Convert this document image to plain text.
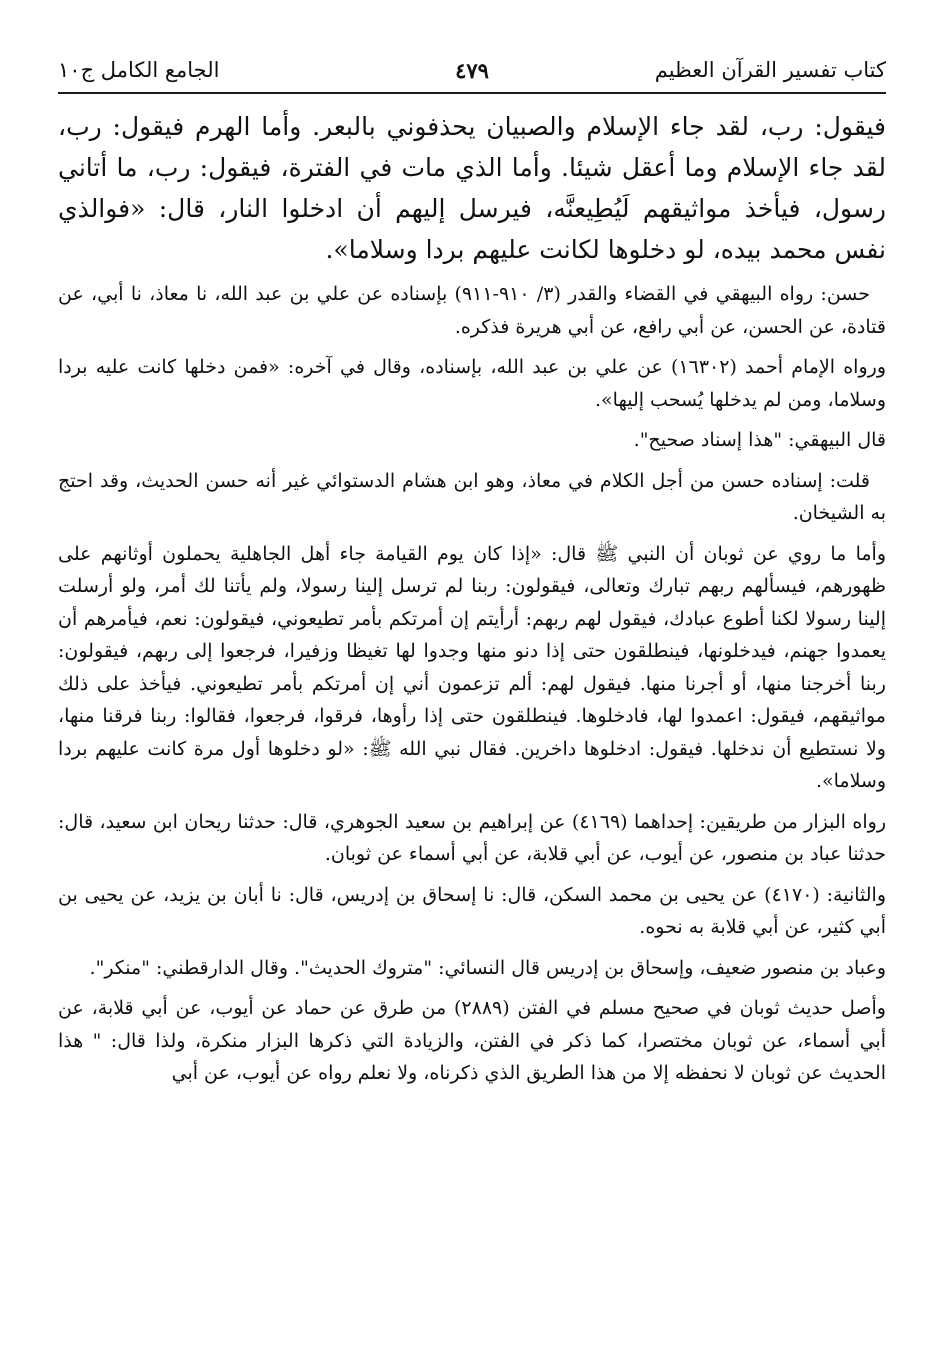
كتاب تفسير القرآن العظيم
٤٧٩
الجامع الكامل ج١٠

فيقول: رب، لقد جاء الإسلام والصبيان يحذفوني بالبعر. وأما الهرم فيقول: رب، لقد جاء الإسلام وما أعقل شيئا. وأما الذي مات في الفترة، فيقول: رب، ما أتاني رسول، فيأخذ مواثيقهم لَيُطِيعنَّه، فيرسل إليهم أن ادخلوا النار، قال: «فوالذي نفس محمد بيده، لو دخلوها لكانت عليهم بردا وسلاما».

حسن: رواه البيهقي في القضاء والقدر (٣/ ٩١٠-٩١١) بإسناده عن علي بن عبد الله، نا معاذ، نا أبي، عن قتادة، عن الحسن، عن أبي رافع، عن أبي هريرة فذكره.

ورواه الإمام أحمد (١٦٣٠٢) عن علي بن عبد الله، بإسناده، وقال في آخره: «فمن دخلها كانت عليه بردا وسلاما، ومن لم يدخلها يُسحب إليها».

قال البيهقي: "هذا إسناد صحيح".

قلت: إسناده حسن من أجل الكلام في معاذ، وهو ابن هشام الدستوائي غير أنه حسن الحديث، وقد احتج به الشيخان.

وأما ما روي عن ثوبان أن النبي ﷺ قال: «إذا كان يوم القيامة جاء أهل الجاهلية يحملون أوثانهم على ظهورهم، فيسألهم ربهم تبارك وتعالى، فيقولون: ربنا لم ترسل إلينا رسولا، ولم يأتنا لك أمر، ولو أرسلت إلينا رسولا لكنا أطوع عبادك، فيقول لهم ربهم: أرأيتم إن أمرتكم بأمر تطيعوني، فيقولون: نعم، فيأمرهم أن يعمدوا جهنم، فيدخلونها، فينطلقون حتى إذا دنو منها وجدوا لها تغيظا وزفيرا، فرجعوا إلى ربهم، فيقولون: ربنا أخرجنا منها، أو أجرنا منها. فيقول لهم: ألم تزعمون أني إن أمرتكم بأمر تطيعوني. فيأخذ على ذلك مواثيقهم، فيقول: اعمدوا لها، فادخلوها. فينطلقون حتى إذا رأوها، فرقوا، فرجعوا، فقالوا: ربنا فرقنا منها، ولا نستطيع أن ندخلها. فيقول: ادخلوها داخرين. فقال نبي الله ﷺ: «لو دخلوها أول مرة كانت عليهم بردا وسلاما».

رواه البزار من طريقين: إحداهما (٤١٦٩) عن إبراهيم بن سعيد الجوهري، قال: حدثنا ريحان ابن سعيد، قال: حدثنا عباد بن منصور، عن أيوب، عن أبي قلابة، عن أبي أسماء عن ثوبان.

والثانية: (٤١٧٠) عن يحيى بن محمد السكن، قال: نا إسحاق بن إدريس، قال: نا أبان بن يزيد، عن يحيى بن أبي كثير، عن أبي قلابة به نحوه.

وعباد بن منصور ضعيف، وإسحاق بن إدريس قال النسائي: "متروك الحديث". وقال الدارقطني: "منكر".

وأصل حديث ثوبان في صحيح مسلم في الفتن (٢٨٨٩) من طرق عن حماد عن أيوب، عن أبي قلابة، عن أبي أسماء، عن ثوبان مختصرا، كما ذكر في الفتن، والزيادة التي ذكرها البزار منكرة، ولذا قال: " هذا الحديث عن ثوبان لا نحفظه إلا من هذا الطريق الذي ذكرناه، ولا نعلم رواه عن أيوب، عن أبي
